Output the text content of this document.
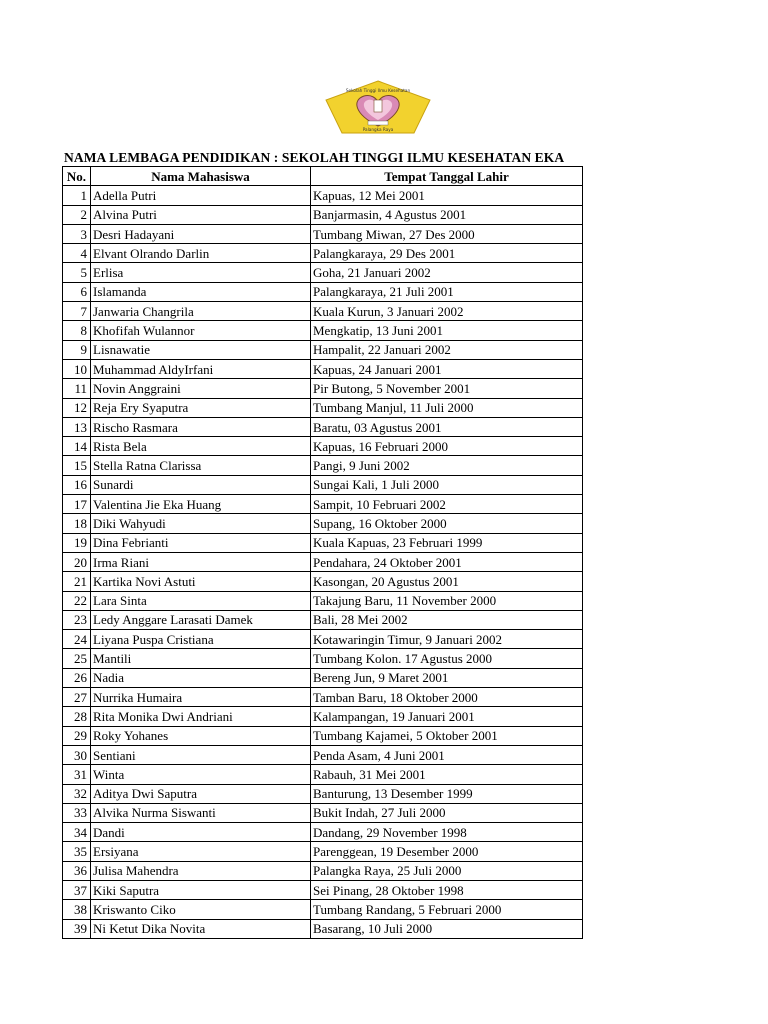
Sekolah Tinggi Ilmu Kesehatan
Palangka Raya
NAMA LEMBAGA PENDIDIKAN : SEKOLAH TINGGI ILMU KESEHATAN EKA
No.	Nama Mahasiswa	Tempat Tanggal Lahir
1	Adella Putri	Kapuas, 12 Mei 2001
2	Alvina Putri	Banjarmasin, 4 Agustus 2001
3	Desri Hadayani	Tumbang Miwan, 27 Des 2000
4	Elvant Olrando Darlin	Palangkaraya, 29 Des 2001
5	Erlisa	Goha, 21 Januari 2002
6	Islamanda	Palangkaraya, 21 Juli 2001
7	Janwaria Changrila	Kuala Kurun, 3 Januari 2002
8	Khofifah Wulannor	Mengkatip, 13 Juni 2001
9	Lisnawatie	Hampalit, 22 Januari 2002
10	Muhammad AldyIrfani	Kapuas, 24 Januari 2001
11	Novin Anggraini	Pir Butong, 5 November 2001
12	Reja Ery Syaputra	Tumbang Manjul, 11 Juli 2000
13	Rischo Rasmara	Baratu, 03 Agustus 2001
14	Rista Bela	Kapuas, 16 Februari 2000
15	Stella Ratna Clarissa	Pangi, 9 Juni 2002
16	Sunardi	Sungai Kali, 1 Juli 2000
17	Valentina Jie Eka Huang	Sampit, 10 Februari 2002
18	Diki Wahyudi	Supang, 16 Oktober 2000
19	Dina Febrianti	Kuala Kapuas, 23 Februari 1999
20	Irma Riani	Pendahara, 24 Oktober 2001
21	Kartika Novi Astuti	Kasongan, 20 Agustus 2001
22	Lara Sinta	Takajung Baru, 11 November 2000
23	Ledy Anggare Larasati Damek	Bali, 28 Mei 2002
24	Liyana Puspa Cristiana	Kotawaringin Timur, 9 Januari 2002
25	Mantili	Tumbang Kolon. 17 Agustus 2000
26	Nadia	Bereng Jun, 9 Maret 2001
27	Nurrika Humaira	Tamban Baru, 18 Oktober 2000
28	Rita Monika Dwi Andriani	Kalampangan, 19 Januari 2001
29	Roky Yohanes	Tumbang Kajamei, 5 Oktober 2001
30	Sentiani	Penda Asam, 4 Juni 2001
31	Winta	Rabauh, 31 Mei 2001
32	Aditya Dwi Saputra	Banturung, 13 Desember 1999
33	Alvika Nurma Siswanti	Bukit Indah, 27 Juli 2000
34	Dandi	Dandang, 29 November 1998
35	Ersiyana	Parenggean, 19 Desember 2000
36	Julisa Mahendra	Palangka Raya, 25 Juli 2000
37	Kiki Saputra	Sei Pinang, 28 Oktober 1998
38	Kriswanto Ciko	Tumbang Randang, 5 Februari 2000
39	Ni Ketut Dika Novita	Basarang, 10 Juli 2000
